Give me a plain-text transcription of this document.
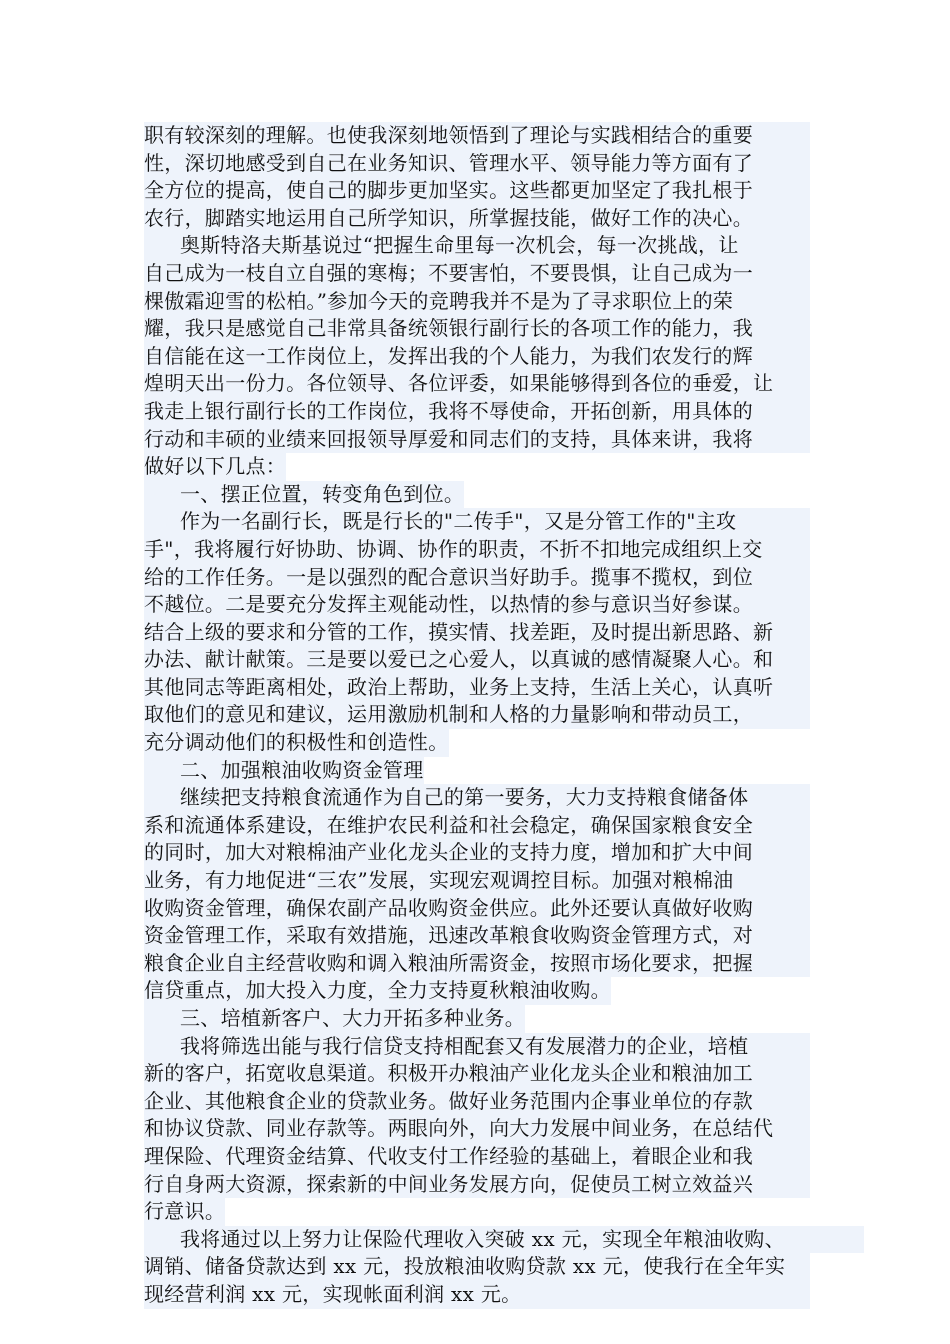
职有较深刻的理解。也使我深刻地领悟到了理论与实践相结合的重要
性，深切地感受到自己在业务知识、管理水平、领导能力等方面有了
全方位的提高，使自己的脚步更加坚实。这些都更加坚定了我扎根于
农行，脚踏实地运用自己所学知识，所掌握技能，做好工作的决心。
奥斯特洛夫斯基说过“把握生命里每一次机会，每一次挑战，让
自己成为一枝自立自强的寒梅；不要害怕，不要畏惧，让自己成为一
棵傲霜迎雪的松柏。”参加今天的竞聘我并不是为了寻求职位上的荣
耀，我只是感觉自己非常具备统领银行副行长的各项工作的能力，我
自信能在这一工作岗位上，发挥出我的个人能力，为我们农发行的辉
煌明天出一份力。各位领导、各位评委，如果能够得到各位的垂爱，让
我走上银行副行长的工作岗位，我将不辱使命，开拓创新，用具体的
行动和丰硕的业绩来回报领导厚爱和同志们的支持，具体来讲，我将
做好以下几点：
一、摆正位置，转变角色到位。
作为一名副行长，既是行长的"二传手"，又是分管工作的"主攻
手"，我将履行好协助、协调、协作的职责，不折不扣地完成组织上交
给的工作任务。一是以强烈的配合意识当好助手。揽事不揽权，到位
不越位。二是要充分发挥主观能动性，以热情的参与意识当好参谋。
结合上级的要求和分管的工作，摸实情、找差距，及时提出新思路、新
办法、献计献策。三是要以爱已之心爱人，以真诚的感情凝聚人心。和
其他同志等距离相处，政治上帮助，业务上支持，生活上关心，认真听
取他们的意见和建议，运用激励机制和人格的力量影响和带动员工，
充分调动他们的积极性和创造性。
二、加强粮油收购资金管理
继续把支持粮食流通作为自己的第一要务，大力支持粮食储备体
系和流通体系建设，在维护农民利益和社会稳定，确保国家粮食安全
的同时，加大对粮棉油产业化龙头企业的支持力度，增加和扩大中间
业务，有力地促进“三农”发展，实现宏观调控目标。加强对粮棉油
收购资金管理，确保农副产品收购资金供应。此外还要认真做好收购
资金管理工作，采取有效措施，迅速改革粮食收购资金管理方式，对
粮食企业自主经营收购和调入粮油所需资金，按照市场化要求，把握
信贷重点，加大投入力度，全力支持夏秋粮油收购。
三、培植新客户、大力开拓多种业务。
我将筛选出能与我行信贷支持相配套又有发展潜力的企业，培植
新的客户，拓宽收息渠道。积极开办粮油产业化龙头企业和粮油加工
企业、其他粮食企业的贷款业务。做好业务范围内企事业单位的存款
和协议贷款、同业存款等。两眼向外，向大力发展中间业务，在总结代
理保险、代理资金结算、代收支付工作经验的基础上，着眼企业和我
行自身两大资源，探索新的中间业务发展方向，促使员工树立效益兴
行意识。
我将通过以上努力让保险代理收入突破 xx 元，实现全年粮油收购、
调销、储备贷款达到 xx 元，投放粮油收购贷款 xx 元，使我行在全年实
现经营利润 xx 元，实现帐面利润 xx 元。
